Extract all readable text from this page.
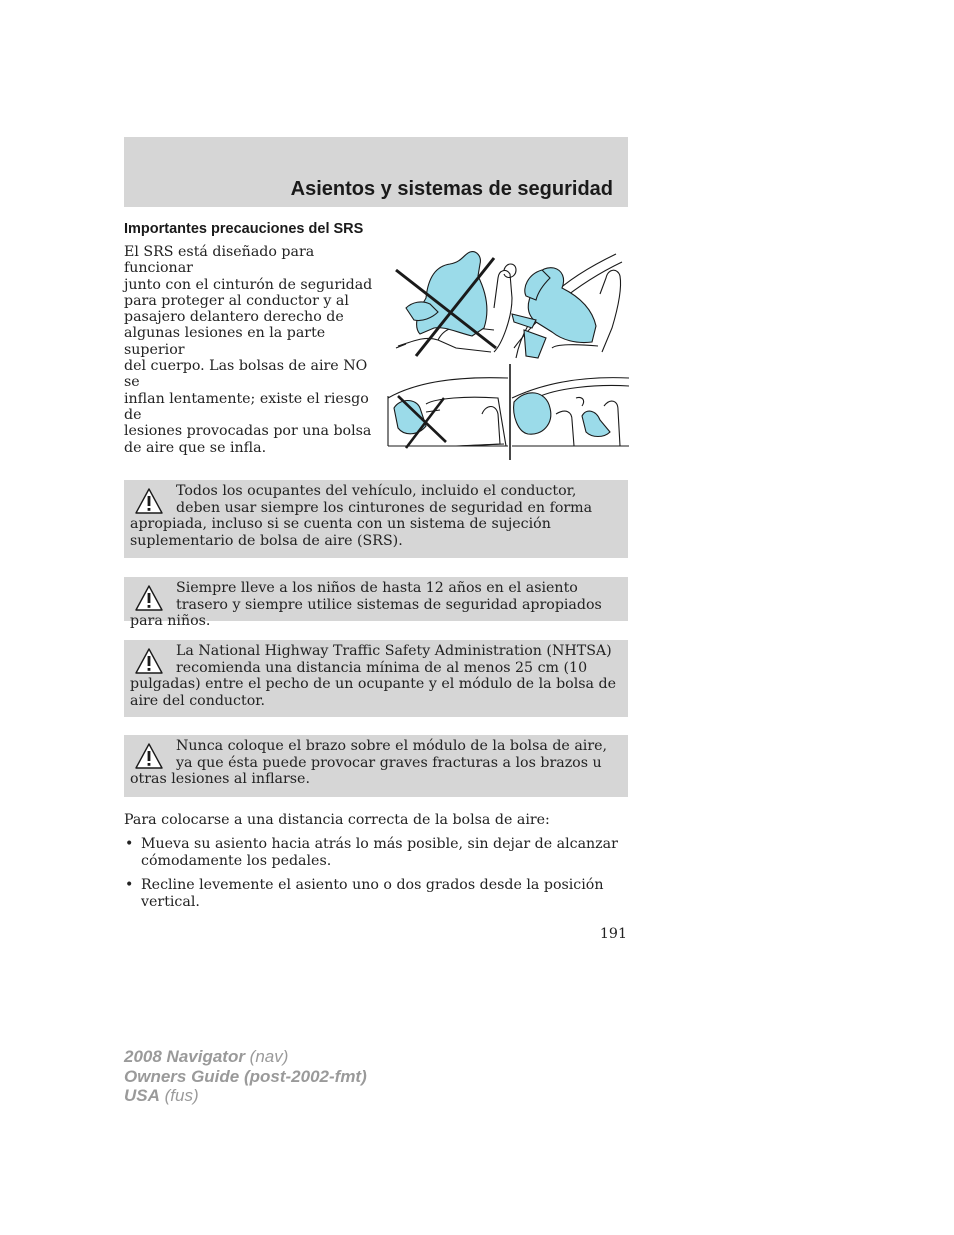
Asientos y sistemas de seguridad
Importantes precauciones del SRS
El SRS está diseñado para funcionar
junto con el cinturón de seguridad
para proteger al conductor y al
pasajero delantero derecho de
algunas lesiones en la parte superior
del cuerpo. Las bolsas de aire NO se
inflan lentamente; existe el riesgo de
lesiones provocadas por una bolsa
de aire que se infla.
Todos los ocupantes del vehículo, incluido el conductor, deben usar siempre los cinturones de seguridad en forma apropiada, incluso si se cuenta con un sistema de sujeción suplementario de bolsa de aire (SRS).
Siempre lleve a los niños de hasta 12 años en el asiento trasero y siempre utilice sistemas de seguridad apropiados para niños.
La National Highway Traffic Safety Administration (NHTSA) recomienda una distancia mínima de al menos 25 cm (10 pulgadas) entre el pecho de un ocupante y el módulo de la bolsa de aire del conductor.
Nunca coloque el brazo sobre el módulo de la bolsa de aire, ya que ésta puede provocar graves fracturas a los brazos u otras lesiones al inflarse.
Para colocarse a una distancia correcta de la bolsa de aire:
• Mueva su asiento hacia atrás lo más posible, sin dejar de alcanzar cómodamente los pedales.
• Recline levemente el asiento uno o dos grados desde la posición vertical.
191
2008 Navigator (nav)
Owners Guide (post-2002-fmt)
USA (fus)
